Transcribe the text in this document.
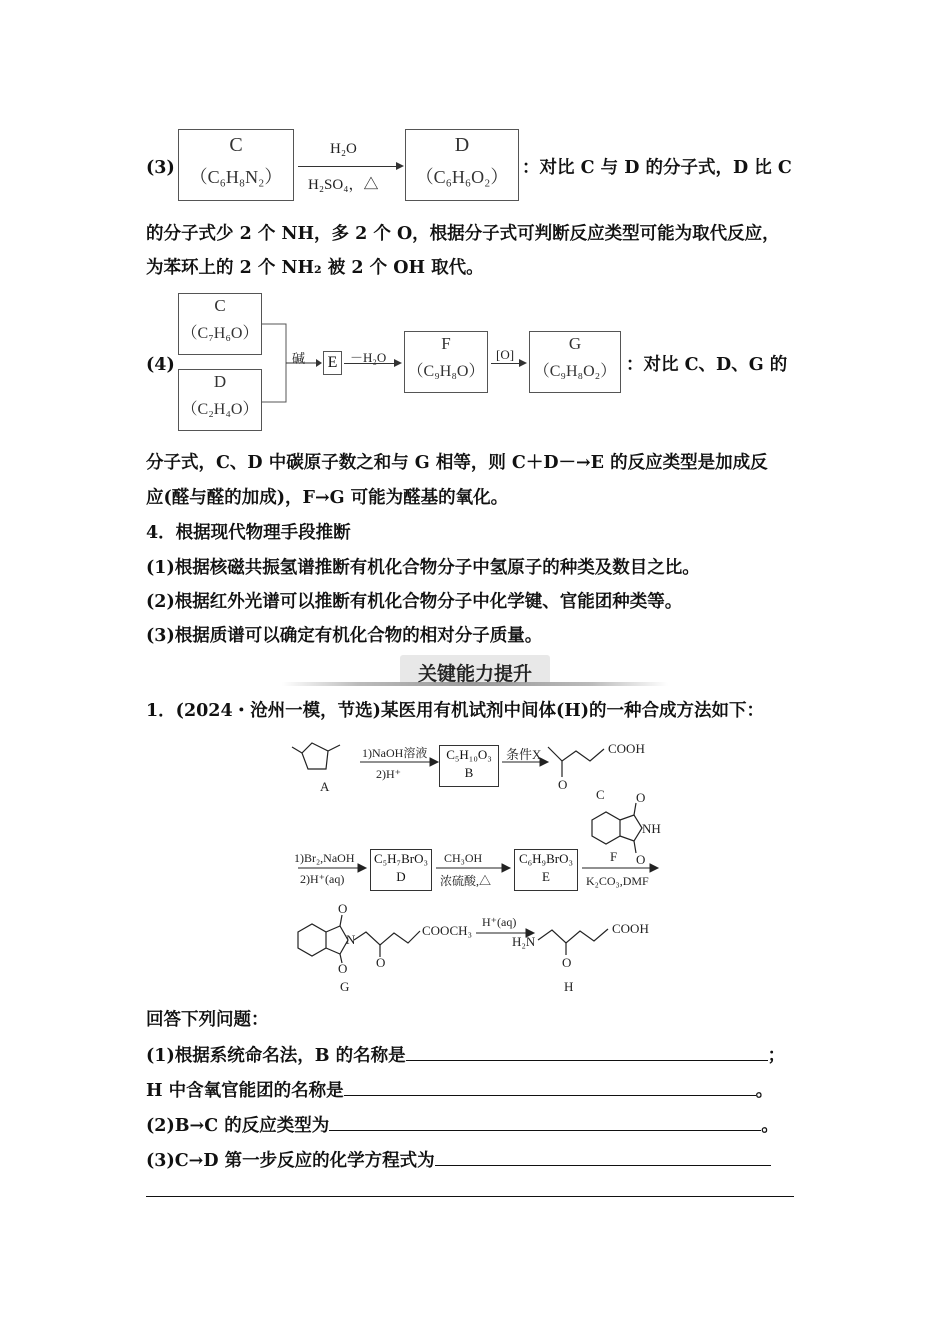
(3)
C
（C₆H₈N₂）
H₂O
H₂SO₄，△
D
（C₆H₆O₂） ：对比 C 与 D 的分子式，D 比 C
的分子式少 2 个 NH，多 2 个 O，根据分子式可判断反应类型可能为取代反应，
为苯环上的 2 个 NH₂ 被 2 个 OH 取代。
(4)
C
（C₇H₆O）
D
（C₂H₄O）
碱 E －H₂O
F
（C₉H₈O）
[O]
G
（C₉H₈O₂） ：对比 C、D、G 的
分子式，C、D 中碳原子数之和与 G 相等，则 C＋D－→E 的反应类型是加成反
应(醛与醛的加成)，F→G 可能为醛基的氧化。
4．根据现代物理手段推断
(1)根据核磁共振氢谱推断有机化合物分子中氢原子的种类及数目之比。
(2)根据红外光谱可以推断有机化合物分子中化学键、官能团种类等。
(3)根据质谱可以确定有机化合物的相对分子质量。
关键能力提升
1．(2024・沧州一模，节选)某医用有机试剂中间体(H)的一种合成方法如下：
A
1)NaOH溶液
2)H⁺
C₅H₁₀O₃
B
条件X	COOH
O
C O
NH
O
F
1)Br₂,NaOH
2)H⁺(aq)
C₅H₇BrO₃
D
CH₃OH
浓硫酸,△
C₆H₉BrO₃
E	K₂CO₃,DMF
O
N
O O
COOCH₃
G
H⁺(aq)
H₂N
COOH
O
H
回答下列问题：
(1)根据系统命名法，B 的名称是	；
H 中含氧官能团的名称是	。
(2)B→C 的反应类型为	。
(3)C→D 第一步反应的化学方程式为
